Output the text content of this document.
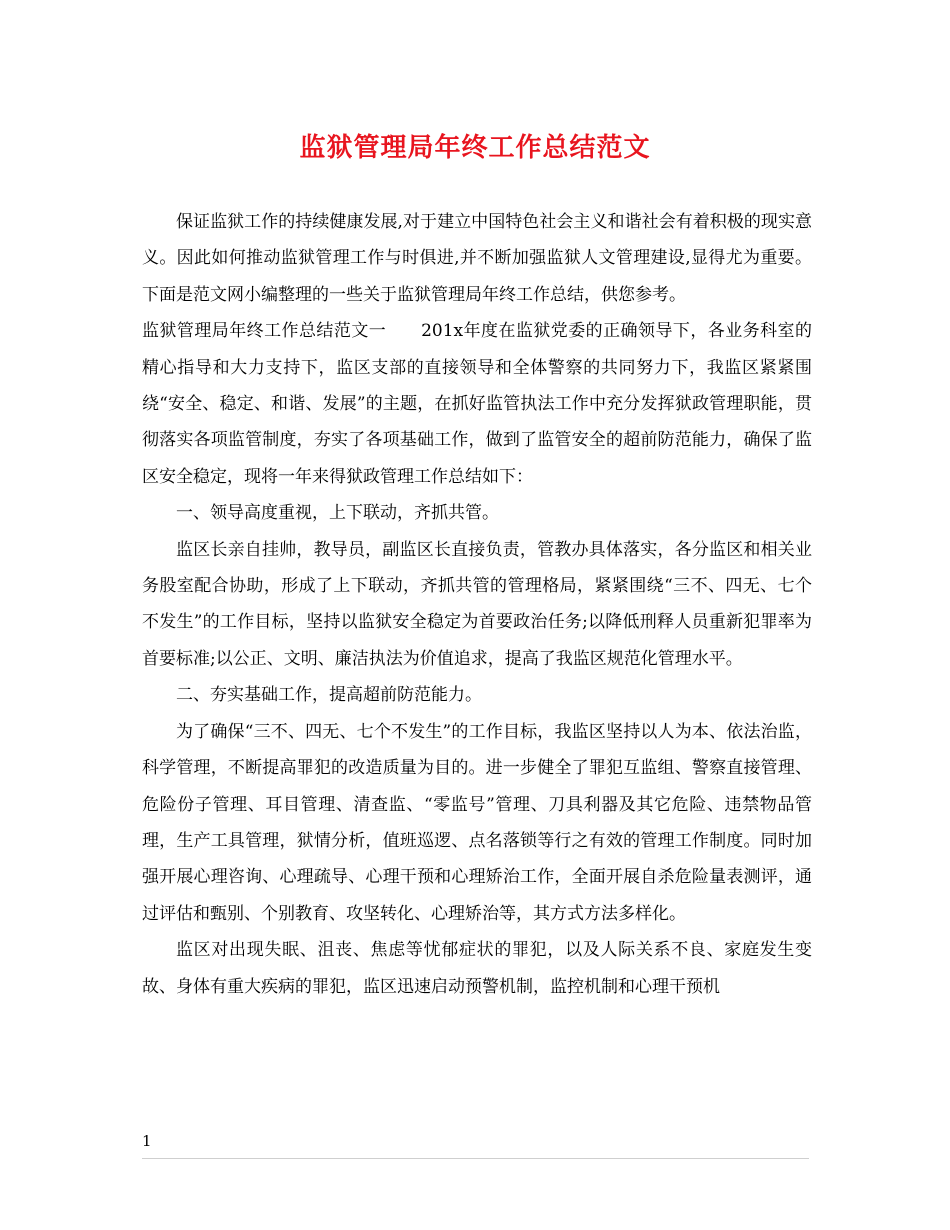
监狱管理局年终工作总结范文

保证监狱工作的持续健康发展,对于建立中国特色社会主义和谐社会有着积极的现实意义。因此如何推动监狱管理工作与时俱进,并不断加强监狱人文管理建设,显得尤为重要。下面是范文网小编整理的一些关于监狱管理局年终工作总结，供您参考。

监狱管理局年终工作总结范文一　　201x年度在监狱党委的正确领导下，各业务科室的精心指导和大力支持下，监区支部的直接领导和全体警察的共同努力下，我监区紧紧围绕“安全、稳定、和谐、发展”的主题，在抓好监管执法工作中充分发挥狱政管理职能，贯彻落实各项监管制度，夯实了各项基础工作，做到了监管安全的超前防范能力，确保了监区安全稳定，现将一年来得狱政管理工作总结如下：

一、领导高度重视，上下联动，齐抓共管。

监区长亲自挂帅，教导员，副监区长直接负责，管教办具体落实，各分监区和相关业务股室配合协助，形成了上下联动，齐抓共管的管理格局，紧紧围绕“三不、四无、七个不发生”的工作目标，坚持以监狱安全稳定为首要政治任务;以降低刑释人员重新犯罪率为首要标准;以公正、文明、廉洁执法为价值追求，提高了我监区规范化管理水平。

二、夯实基础工作，提高超前防范能力。

为了确保“三不、四无、七个不发生”的工作目标，我监区坚持以人为本、依法治监，科学管理，不断提高罪犯的改造质量为目的。进一步健全了罪犯互监组、警察直接管理、危险份子管理、耳目管理、清查监、“零监号”管理、刀具利器及其它危险、违禁物品管理，生产工具管理，狱情分析，值班巡逻、点名落锁等行之有效的管理工作制度。同时加强开展心理咨询、心理疏导、心理干预和心理矫治工作，全面开展自杀危险量表测评，通过评估和甄别、个别教育、攻坚转化、心理矫治等，其方式方法多样化。

监区对出现失眠、沮丧、焦虑等忧郁症状的罪犯，以及人际关系不良、家庭发生变故、身体有重大疾病的罪犯，监区迅速启动预警机制，监控机制和心理干预机

1
